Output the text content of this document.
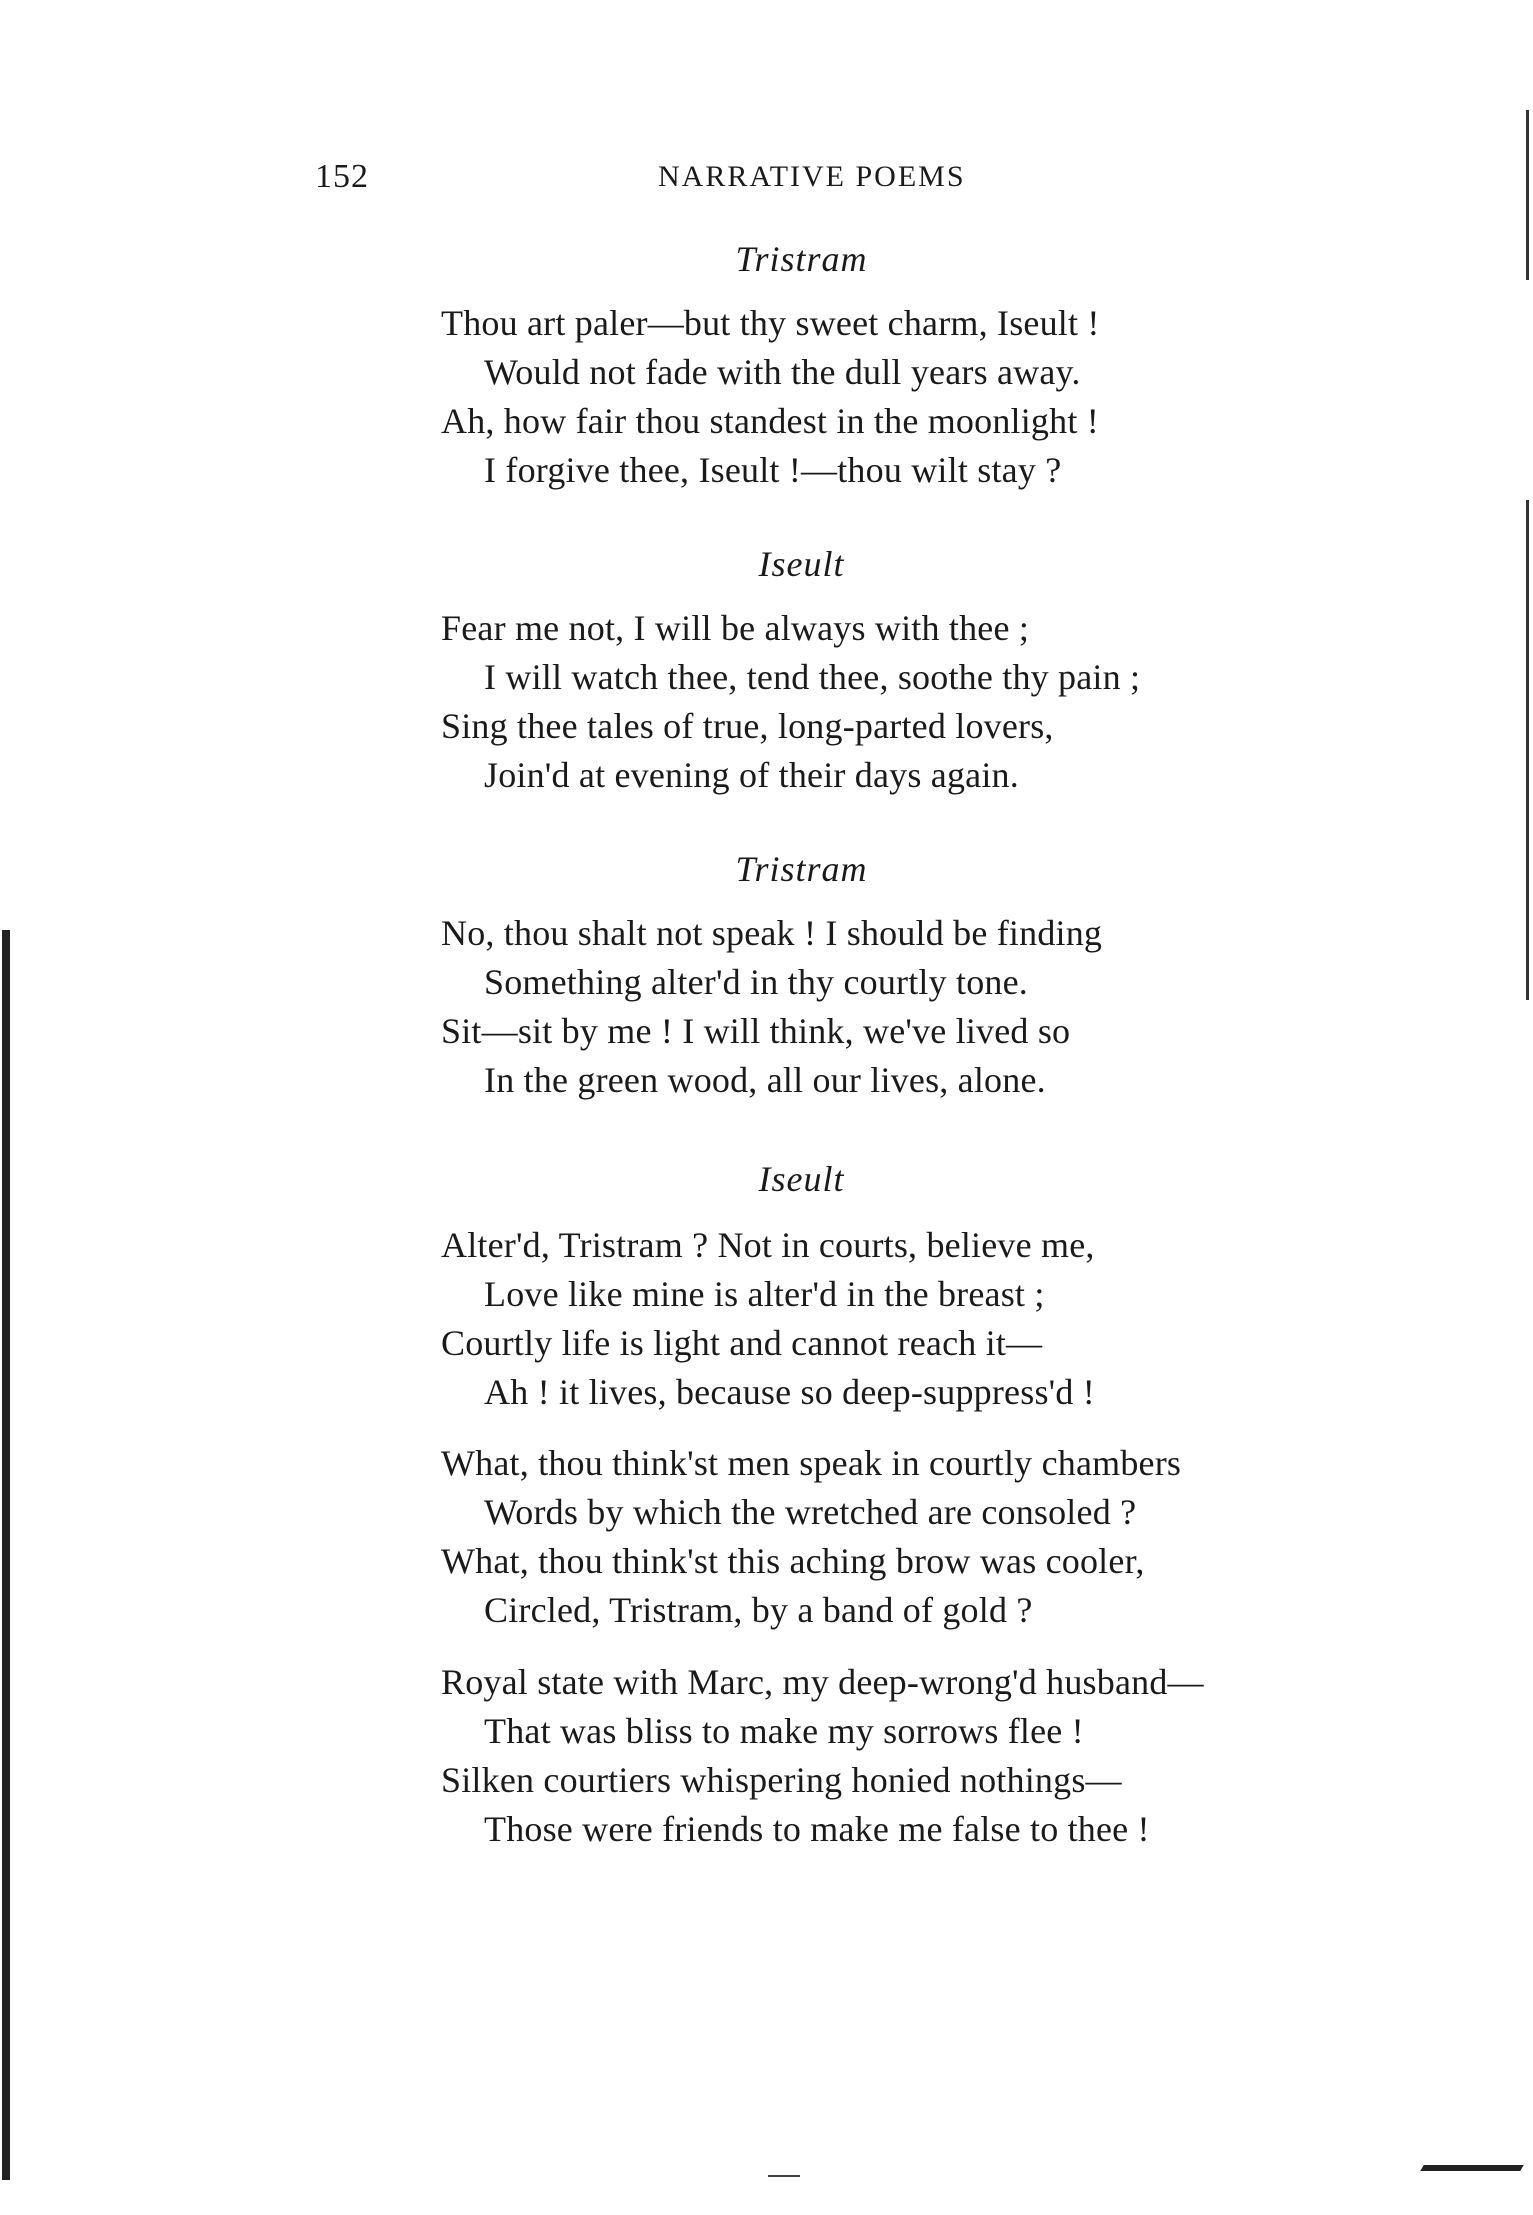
152	NARRATIVE POEMS
Tristram
Thou art paler—but thy sweet charm, Iseult !
Would not fade with the dull years away.
Ah, how fair thou standest in the moonlight !
I forgive thee, Iseult !—thou wilt stay ?
Iseult
Fear me not, I will be always with thee ;
I will watch thee, tend thee, soothe thy pain ;
Sing thee tales of true, long-parted lovers,
Join'd at evening of their days again.
Tristram
No, thou shalt not speak ! I should be finding
Something alter'd in thy courtly tone.
Sit—sit by me ! I will think, we've lived so
In the green wood, all our lives, alone.
Iseult
Alter'd, Tristram ? Not in courts, believe me,
Love like mine is alter'd in the breast ;
Courtly life is light and cannot reach it—
Ah ! it lives, because so deep-suppress'd !
What, thou think'st men speak in courtly chambers
Words by which the wretched are consoled ?
What, thou think'st this aching brow was cooler,
Circled, Tristram, by a band of gold ?
Royal state with Marc, my deep-wrong'd husband—
That was bliss to make my sorrows flee !
Silken courtiers whispering honied nothings—
Those were friends to make me false to thee !
